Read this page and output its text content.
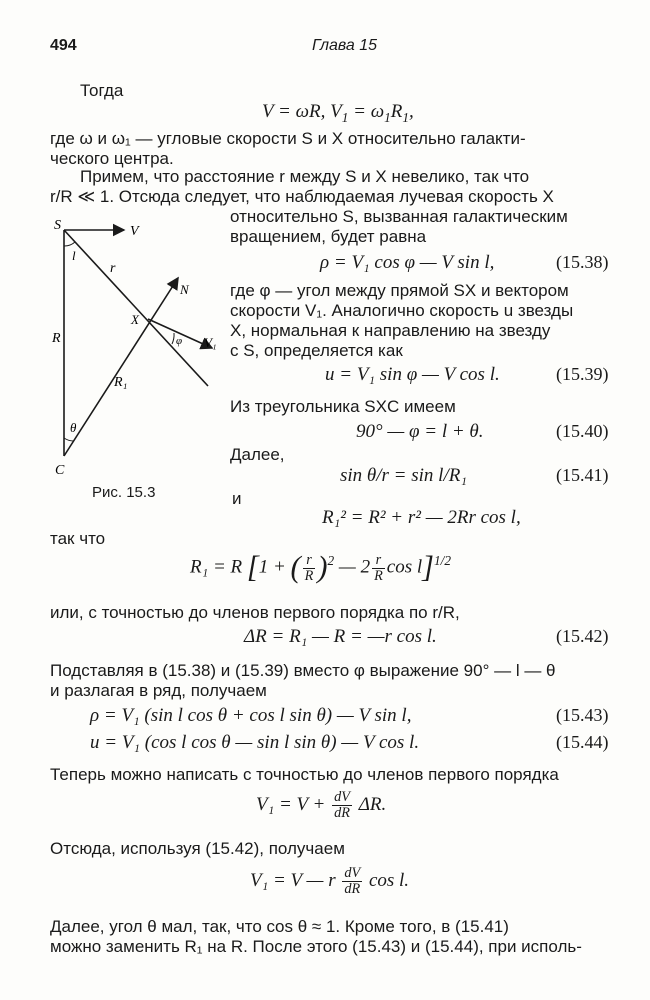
494	Глава 15
Тогда
V = ωR, $V_1 = \omega_1R_1$,
где ω и ω₁ — угловые скорости S и X относительно галакти-
ческого центра.
Примем, что расстояние r между S и X невелико, так что
r/R ≪ 1. Отсюда следует, что наблюдаемая лучевая скорость X
относительно S, вызванная галактическим
вращением, будет равна
S	V
l
r
N
X
φ V₁
R
R₁
θ
C
Рис. 15.3
ρ = V₁ cos φ — V sin l,	(15.38)
где φ — угол между прямой SX и вектором
скорости V₁. Аналогично скорость u звезды
X, нормальная к направлению на звезду
с S, определяется как
u = V₁ sin φ — V cos l.	(15.39)
Из треугольника SXC имеем
90° — φ = l + θ.	(15.40)
Далее,
sin θ/r = sin l/R₁	(15.41)
и
R₁² = R² + r² — 2Rr cos l,
так что
R₁ = R [1 + ( $\frac{r}{R} )^2$ — $2 \frac{r}{R}$ cos l]$^{1/2}$
или, с точностью до членов первого порядка по r/R,
ΔR = R₁ — R = —r cos l.	(15.42)
Подставляя в (15.38) и (15.39) вместо φ выражение 90° — l — θ
и разлагая в ряд, получаем
ρ = V₁ (sin l cos θ + cos l sin θ) — V sin l,	(15.43)
u = V₁ (cos l cos θ — sin l sin θ) — V cos l.	(15.44)
Теперь можно написать с точностью до членов первого порядка
$V_1 = V + \frac{dV}{dR} \Delta R$.
Отсюда, используя (15.42), получаем
V₁ = V — r $\frac{dV}{dR}$ cos l.
Далее, угол θ мал, так, что cos θ ≈ 1. Кроме того, в (15.41)
можно заменить R₁ на R. После этого (15.43) и (15.44), при исполь-
